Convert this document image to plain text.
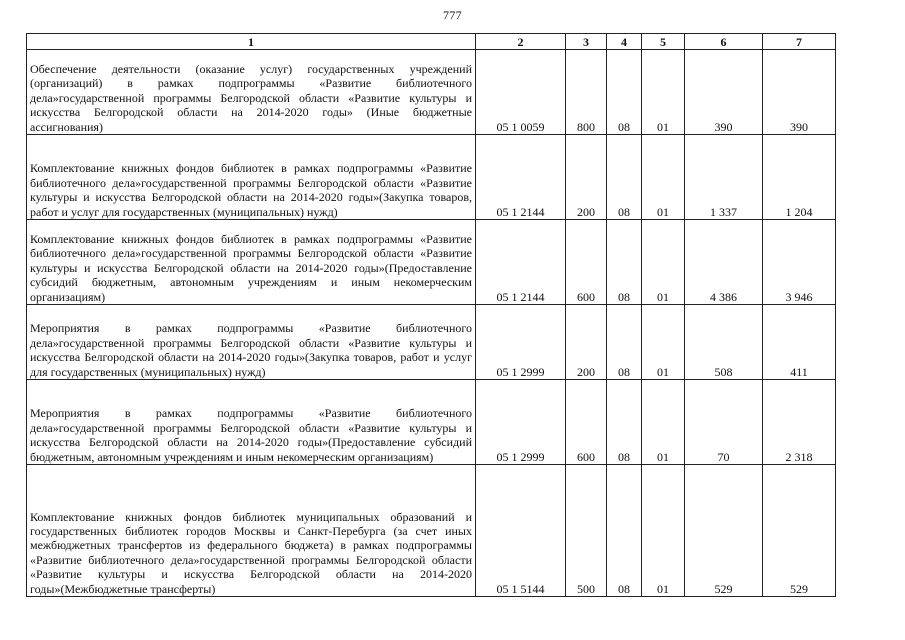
777
1	2	3	4	5	6	7
Обеспечение деятельности (оказание услуг) государственных учреждений (организаций) в рамках подпрограммы «Развитие библиотечного дела»государственной программы Белгородской области «Развитие культуры и искусства Белгородской области на 2014-2020 годы» (Иные бюджетные ассигнования)	05 1 0059	800	08	01	390	390
Комплектование книжных фондов библиотек в рамках подпрограммы «Развитие библиотечного дела»государственной программы Белгородской области «Развитие культуры и искусства Белгородской области на 2014-2020 годы»(Закупка товаров, работ и услуг для государственных (муниципальных) нужд)	05 1 2144	200	08	01	1 337	1 204
Комплектование книжных фондов библиотек в рамках подпрограммы «Развитие библиотечного дела»государственной программы Белгородской области «Развитие культуры и искусства Белгородской области на 2014-2020 годы»(Предоставление субсидий бюджетным, автономным учреждениям и иным некомерческим организациям)	05 1 2144	600	08	01	4 386	3 946
Мероприятия в рамках подпрограммы «Развитие библиотечного дела»государственной программы Белгородской области «Развитие культуры и искусства Белгородской области на 2014-2020 годы»(Закупка товаров, работ и услуг для государственных (муниципальных) нужд)	05 1 2999	200	08	01	508	411
Мероприятия в рамках подпрограммы «Развитие библиотечного дела»государственной программы Белгородской области «Развитие культуры и искусства Белгородской области на 2014-2020 годы»(Предоставление субсидий бюджетным, автономным учреждениям и иным некомерческим организациям)	05 1 2999	600	08	01	70	2 318
Комплектование книжных фондов библиотек муниципальных образований и государственных библиотек городов Москвы и Санкт-Перебурга (за счет иных межбюджетных трансфертов из федерального бюджета) в рамках подпрограммы «Развитие библиотечного дела»государственной программы Белгородской области «Развитие культуры и искусства Белгородской области на 2014-2020 годы»(Межбюджетные трансферты)	05 1 5144	500	08	01	529	529
